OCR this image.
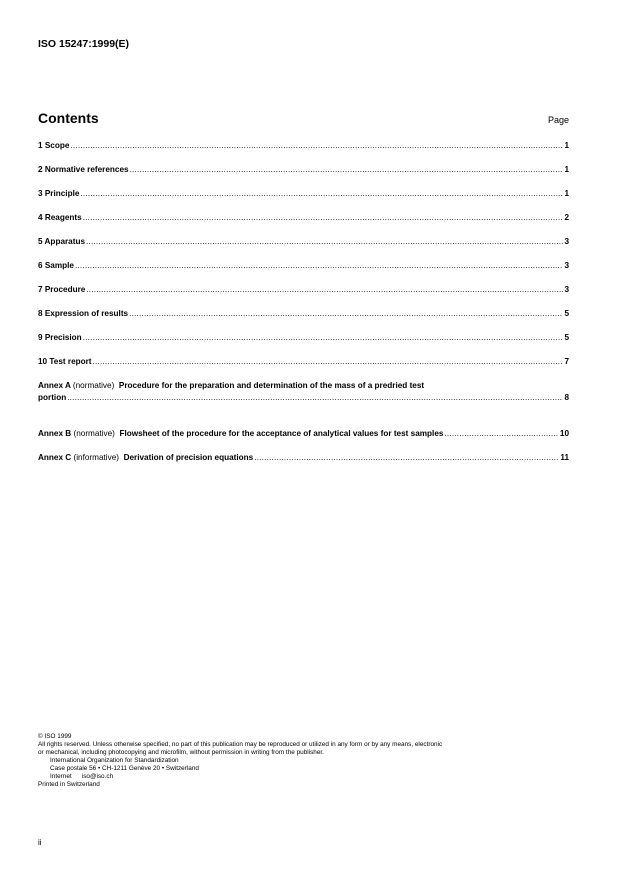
ISO 15247:1999(E)
Contents	Page
1 Scope .....	1
2 Normative references .....	1
3 Principle .....	1
4 Reagents .....	2
5 Apparatus .....	3
6 Sample .....	3
7 Procedure .....	3
8 Expression of results .....	5
9 Precision .....	5
10 Test report .....	7
Annex A (normative) Procedure for the preparation and determination of the mass of a predried test
portion .....	8
Annex B (normative) Flowsheet of the procedure for the acceptance of analytical values for test samples .....	10
Annex C (informative) Derivation of precision equations .....	11

© ISO 1999

All rights reserved. Unless otherwise specified, no part of this publication may be reproduced or utilized in any form or by any means, electronic

or mechanical, including photocopying and microfilm, without permission in writing from the publisher.

International Organization for Standardization

Case postale 56 • CH-1211 Genève 20 • Switzerland

Internet iso@iso.ch

Printed in Switzerland

ii
